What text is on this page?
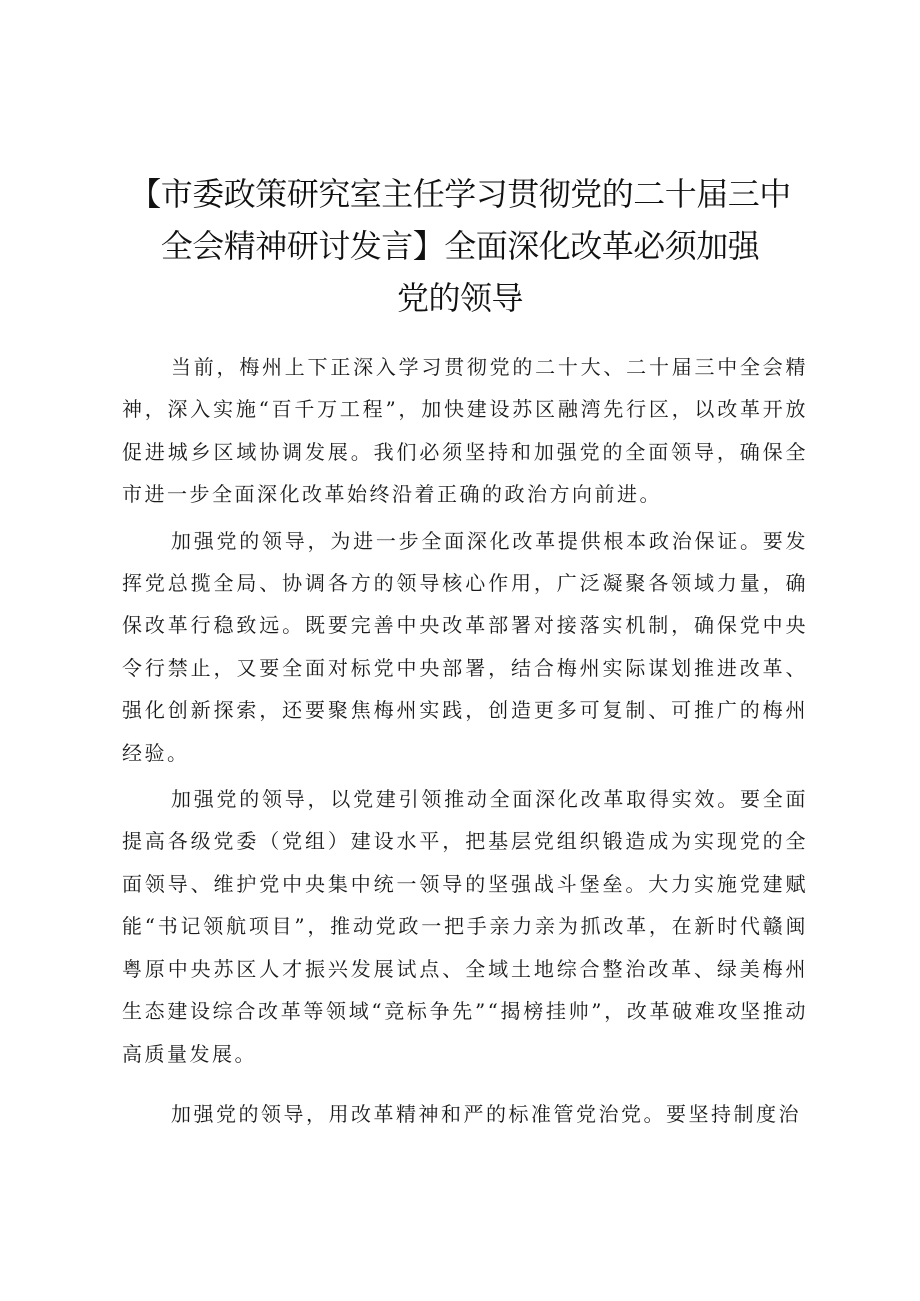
【市委政策研究室主任学习贯彻党的二十届三中
全会精神研讨发言】全面深化改革必须加强
党的领导

当前，梅州上下正深入学习贯彻党的二十大、二十届三中全会精神，深入实施“百千万工程”，加快建设苏区融湾先行区，以改革开放促进城乡区域协调发展。我们必须坚持和加强党的全面领导，确保全市进一步全面深化改革始终沿着正确的政治方向前进。

加强党的领导，为进一步全面深化改革提供根本政治保证。要发挥党总揽全局、协调各方的领导核心作用，广泛凝聚各领域力量，确保改革行稳致远。既要完善中央改革部署对接落实机制，确保党中央令行禁止，又要全面对标党中央部署，结合梅州实际谋划推进改革、强化创新探索，还要聚焦梅州实践，创造更多可复制、可推广的梅州经验。

加强党的领导，以党建引领推动全面深化改革取得实效。要全面提高各级党委（党组）建设水平，把基层党组织锻造成为实现党的全面领导、维护党中央集中统一领导的坚强战斗堡垒。大力实施党建赋能“书记领航项目”，推动党政一把手亲力亲为抓改革，在新时代赣闽粤原中央苏区人才振兴发展试点、全域土地综合整治改革、绿美梅州生态建设综合改革等领域“竞标争先”“揭榜挂帅”，改革破难攻坚推动高质量发展。

加强党的领导，用改革精神和严的标准管党治党。要坚持制度治
